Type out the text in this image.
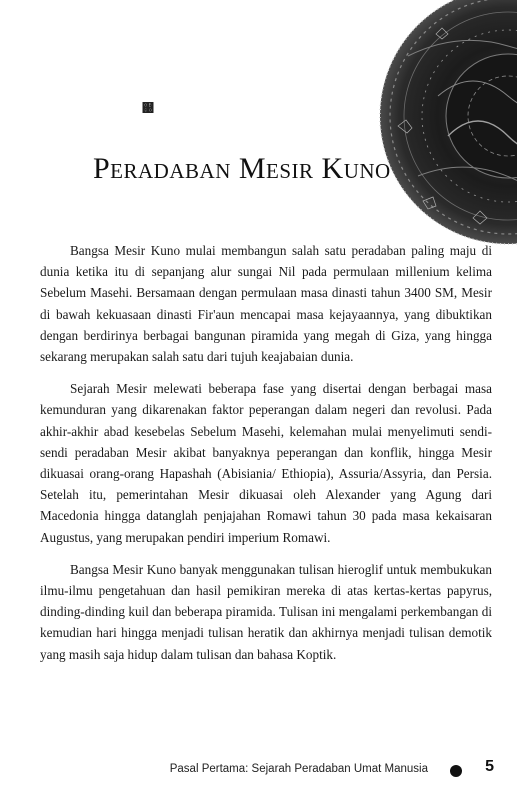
஀
Peradaban Mesir Kuno

Bangsa Mesir Kuno mulai membangun salah satu peradaban paling maju di dunia ketika itu di sepanjang alur sungai Nil pada permulaan millenium kelima Sebelum Masehi. Bersamaan dengan permulaan masa dinasti tahun 3400 SM, Mesir di bawah kekuasaan dinasti Fir'aun mencapai masa kejayaannya, yang dibuktikan dengan berdirinya berbagai bangunan piramida yang megah di Giza, yang hingga sekarang merupakan salah satu dari tujuh keajabaian dunia.

Sejarah Mesir melewati beberapa fase yang disertai dengan berbagai masa kemunduran yang dikarenakan faktor peperangan dalam negeri dan revolusi. Pada akhir-akhir abad kesebelas Sebelum Masehi, kelemahan mulai menyelimuti sendi-sendi peradaban Mesir akibat banyaknya peperangan dan konflik, hingga Mesir dikuasai orang-orang Hapashah (Abisiania/ Ethiopia), Assuria/Assyria, dan Persia. Setelah itu, pemerintahan Mesir dikuasai oleh Alexander yang Agung dari Macedonia hingga datanglah penjajahan Romawi tahun 30 pada masa kekaisaran Augustus, yang merupakan pendiri imperium Romawi.

Bangsa Mesir Kuno banyak menggunakan tulisan hieroglif untuk membukukan ilmu-ilmu pengetahuan dan hasil pemikiran mereka di atas kertas-kertas papyrus, dinding-dinding kuil dan beberapa piramida. Tulisan ini mengalami perkembangan di kemudian hari hingga menjadi tulisan heratik dan akhirnya menjadi tulisan demotik yang masih saja hidup dalam tulisan dan bahasa Koptik.

Pasal Pertama: Sejarah Peradaban Umat Manusia	5
